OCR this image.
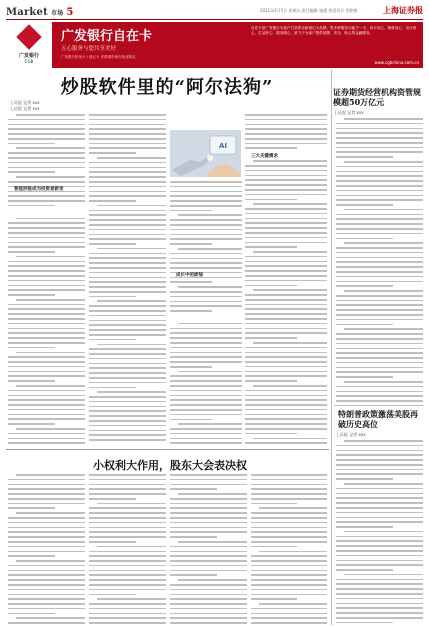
Market 市场 5	2021年2月5日 星期五 责任编辑 施露 视觉设计 贺艳艳	上海证券报
广发银行
CGB
广发银行自在卡
五心服务与您共享美好
广发银行信用卡 / 借记卡 详情请咨询各营业网点
自在卡是广发银行为客户打造的全新借记卡品牌，集多种服务功能于一卡，用卡安心、理财省心、出行贴心、生活舒心、服务暖心，致力于为客户提供便捷、安全、贴心的金融服务。
www.cgbchina.com.cn
炒股软件里的“阿尔法狗”
上证报 记者 xxx
上证报 记者 xxx
智能炒股成为投资者新宠
AI
成长中的烦恼
三大关键需求
证券期货经营机构资管规模超50万亿元
上证报 记者 xxx
特朗普政策激荡美股再破历史高位
上证报 记者 xxx
小权利大作用，股东大会表决权
